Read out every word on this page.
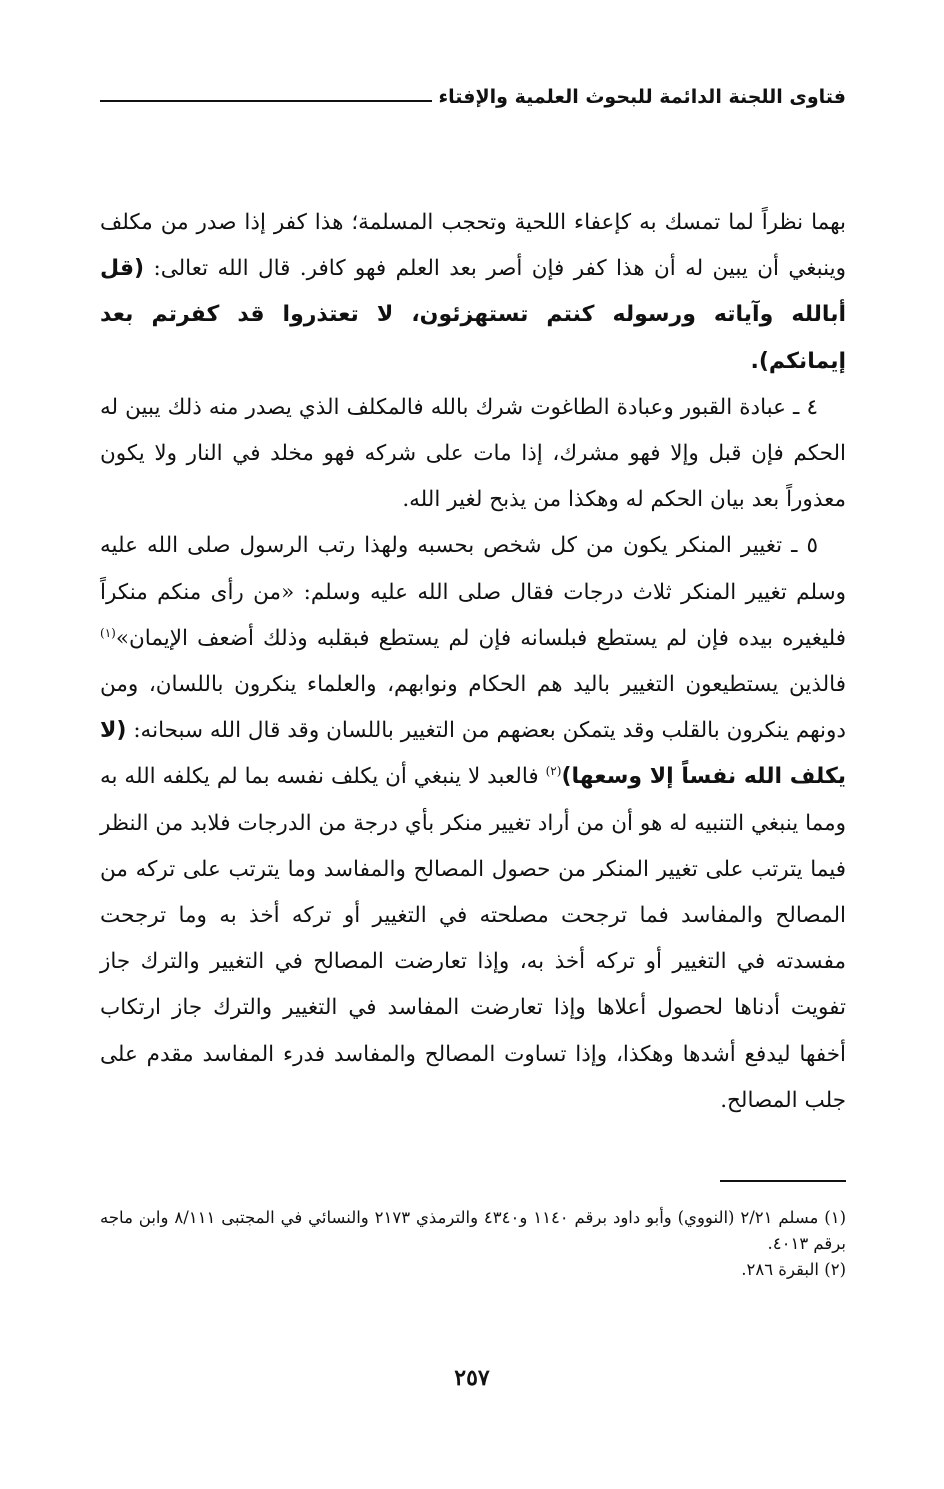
فتاوى اللجنة الدائمة للبحوث العلمية والإفتاء

بهما نظراً لما تمسك به كإعفاء اللحية وتحجب المسلمة؛ هذا كفر إذا صدر من مكلف وينبغي أن يبين له أن هذا كفر فإن أصر بعد العلم فهو كافر. قال الله تعالى: (قل أبالله وآياته ورسوله كنتم تستهزئون، لا تعتذروا قد كفرتم بعد إيمانكم).

٤ ـ عبادة القبور وعبادة الطاغوت شرك بالله فالمكلف الذي يصدر منه ذلك يبين له الحكم فإن قبل وإلا فهو مشرك، إذا مات على شركه فهو مخلد في النار ولا يكون معذوراً بعد بيان الحكم له وهكذا من يذبح لغير الله.

٥ ـ تغيير المنكر يكون من كل شخص بحسبه ولهذا رتب الرسول صلى الله عليه وسلم تغيير المنكر ثلاث درجات فقال صلى الله عليه وسلم: «من رأى منكم منكراً فليغيره بيده فإن لم يستطع فبلسانه فإن لم يستطع فبقلبه وذلك أضعف الإيمان»$^{(١)}$ فالذين يستطيعون التغيير باليد هم الحكام ونوابهم، والعلماء ينكرون باللسان، ومن دونهم ينكرون بالقلب وقد يتمكن بعضهم من التغيير باللسان وقد قال الله سبحانه: (لا يكلف الله نفساً إلا وسعها)$^{(٢)}$ فالعبد لا ينبغي أن يكلف نفسه بما لم يكلفه الله به ومما ينبغي التنبيه له هو أن من أراد تغيير منكر بأي درجة من الدرجات فلابد من النظر فيما يترتب على تغيير المنكر من حصول المصالح والمفاسد وما يترتب على تركه من المصالح والمفاسد فما ترجحت مصلحته في التغيير أو تركه أخذ به وما ترجحت مفسدته في التغيير أو تركه أخذ به، وإذا تعارضت المصالح في التغيير والترك جاز تفويت أدناها لحصول أعلاها وإذا تعارضت المفاسد في التغيير والترك جاز ارتكاب أخفها ليدفع أشدها وهكذا، وإذا تساوت المصالح والمفاسد فدرء المفاسد مقدم على جلب المصالح.

(١) مسلم ٢/٢١ (النووي) وأبو داود برقم ١١٤٠ و٤٣٤٠ والترمذي ٢١٧٣ والنسائي في المجتبى ٨/١١١ وابن ماجه برقم ٤٠١٣.

(٢) البقرة ٢٨٦.

٢٥٧
